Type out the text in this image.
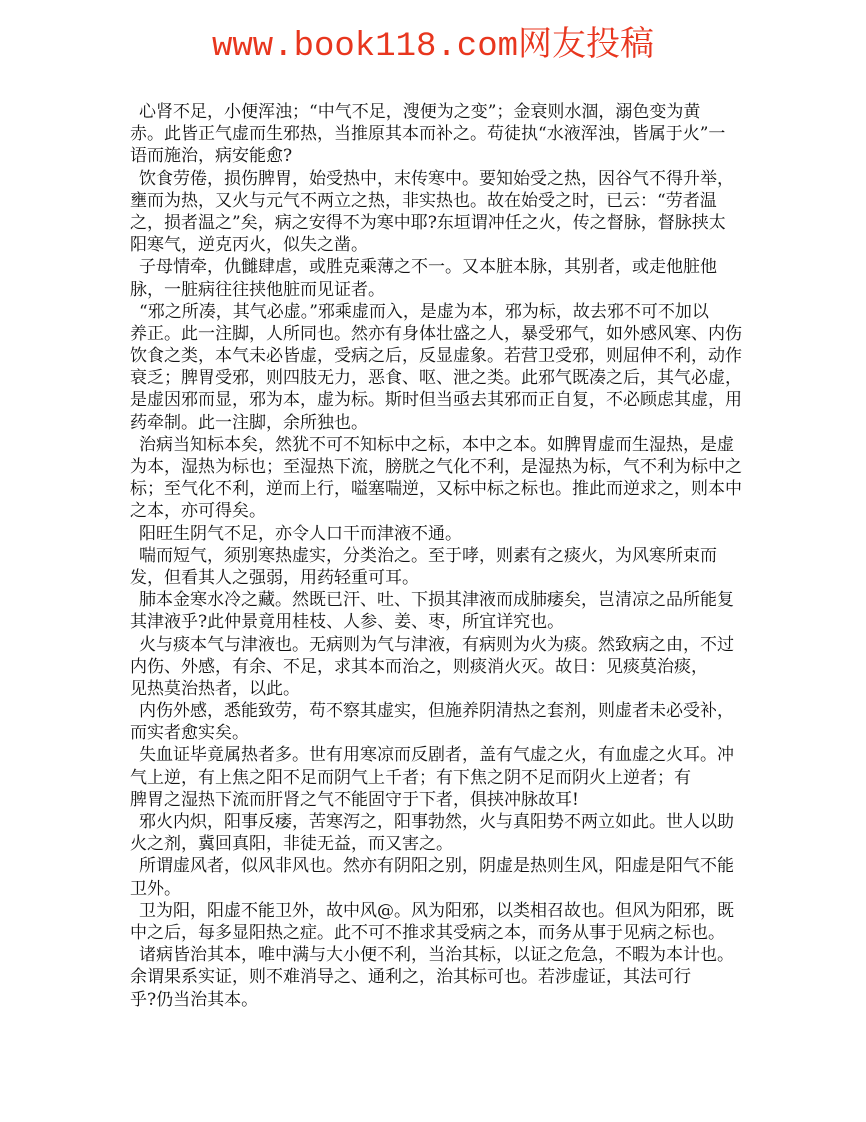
www.book118.com网友投稿
心肾不足，小便浑浊；“中气不足，溲便为之变”；金衰则水涸，溺色变为黄
赤。此皆正气虚而生邪热，当推原其本而补之。苟徒执“水液浑浊，皆属于火”一
语而施治，病安能愈?
饮食劳倦，损伤脾胃，始受热中，末传寒中。要知始受之热，因谷气不得升举，
壅而为热，又火与元气不两立之热，非实热也。故在始受之时，已云：“劳者温
之，损者温之”矣，病之安得不为寒中耶?东垣谓冲任之火，传之督脉，督脉挟太
阳寒气，逆克丙火，似失之凿。
子母情牵，仇雠肆虐，或胜克乘薄之不一。又本脏本脉，其别者，或走他脏他
脉，一脏病往往挟他脏而见证者。
“邪之所凑，其气必虚。”邪乘虚而入，是虚为本，邪为标，故去邪不可不加以
养正。此一注脚，人所同也。然亦有身体壮盛之人，暴受邪气，如外感风寒、内伤
饮食之类，本气未必皆虚，受病之后，反显虚象。若营卫受邪，则屈伸不利，动作
衰乏；脾胃受邪，则四肢无力，恶食、呕、泄之类。此邪气既凑之后，其气必虚，
是虚因邪而显，邪为本，虚为标。斯时但当亟去其邪而正自复，不必顾虑其虚，用
药牵制。此一注脚，余所独也。
治病当知标本矣，然犹不可不知标中之标，本中之本。如脾胃虚而生湿热，是虚
为本，湿热为标也；至湿热下流，膀胱之气化不利，是湿热为标，气不利为标中之
标；至气化不利，逆而上行，嗌塞喘逆，又标中标之标也。推此而逆求之，则本中
之本，亦可得矣。
阳旺生阴气不足，亦令人口干而津液不通。
喘而短气，须别寒热虚实，分类治之。至于哮，则素有之痰火，为风寒所束而
发，但看其人之强弱，用药轻重可耳。
肺本金寒水冷之藏。然既已汗、吐、下损其津液而成肺痿矣，岂清凉之品所能复
其津液乎?此仲景竟用桂枝、人参、姜、枣，所宜详究也。
火与痰本气与津液也。无病则为气与津液，有病则为火为痰。然致病之由，不过
内伤、外感，有余、不足，求其本而治之，则痰消火灭。故日：见痰莫治痰，
见热莫治热者，以此。
内伤外感，悉能致劳，苟不察其虚实，但施养阴清热之套剂，则虚者未必受补，
而实者愈实矣。
失血证毕竟属热者多。世有用寒凉而反剧者，盖有气虚之火，有血虚之火耳。冲
气上逆，有上焦之阳不足而阴气上千者；有下焦之阴不足而阴火上逆者；有
脾胃之湿热下流而肝肾之气不能固守于下者，俱挟冲脉故耳!
邪火内炽，阳事反痿，苦寒泻之，阳事勃然，火与真阳势不两立如此。世人以助
火之剂，冀回真阳，非徒无益，而又害之。
所谓虚风者，似风非风也。然亦有阴阳之别，阴虚是热则生风，阳虚是阳气不能
卫外。
卫为阳，阳虚不能卫外，故中风@。风为阳邪，以类相召故也。但风为阳邪，既
中之后，每多显阳热之症。此不可不推求其受病之本，而务从事于见病之标也。
诸病皆治其本，唯中满与大小便不利，当治其标，以证之危急，不暇为本计也。
余谓果系实证，则不难消导之、通利之，治其标可也。若涉虚证，其法可行
乎?仍当治其本。
